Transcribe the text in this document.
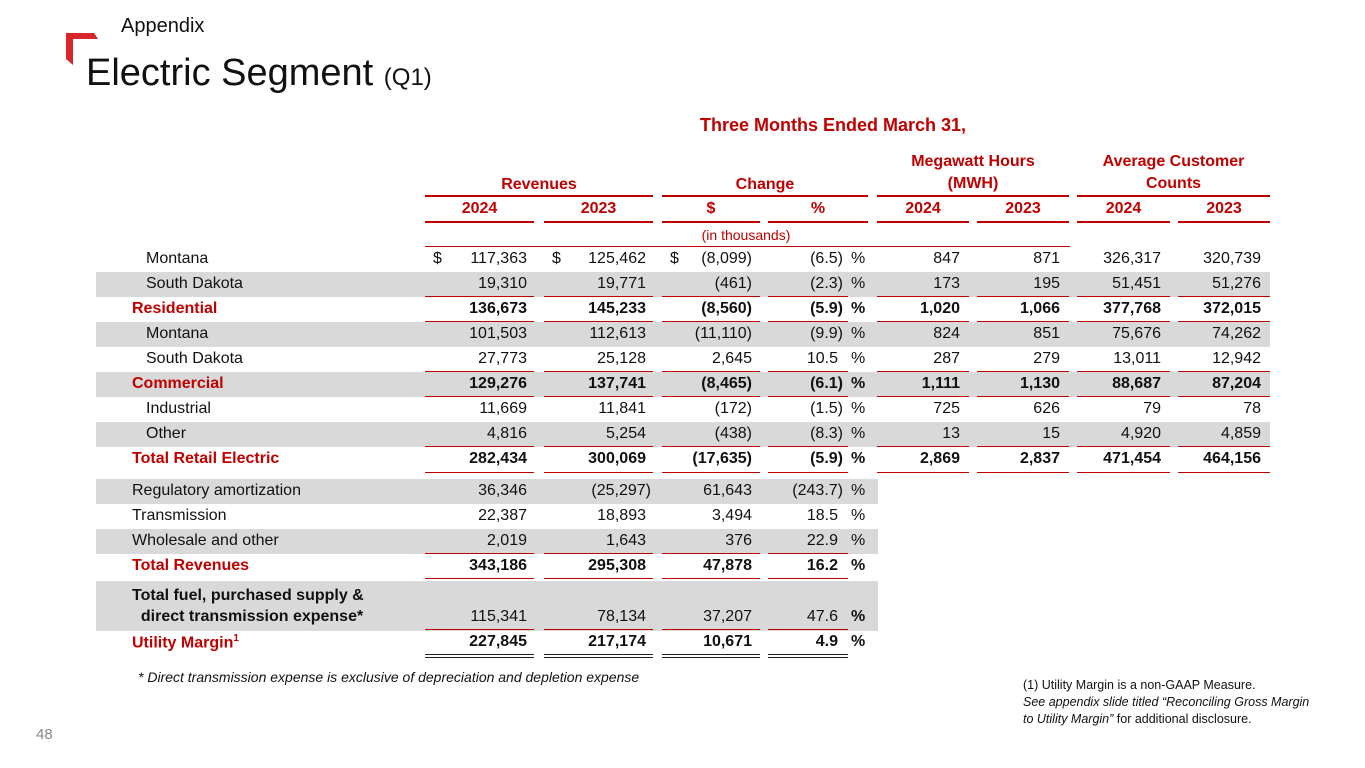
Appendix
Electric Segment (Q1)
Three Months Ended March 31,
Revenues	Change
Megawatt Hours
(MWH)
Average Customer
Counts
2024	2023	$	%	2024	2023	2024	2023
(in thousands)
Montana	$ 117,363 $ 125,462 $ (8,099)	(6.5) %	847	871	326,317	320,739
South Dakota	19,310	19,771	(461)	(2.3) %	173	195	51,451	51,276
Residential	136,673	145,233	(8,560)	(5.9) %	1,020	1,066	377,768	372,015
Montana	101,503	112,613	(11,110)	(9.9) %	824	851	75,676	74,262
South Dakota	27,773	25,128	2,645	10.5 %	287	279	13,011	12,942
Commercial	129,276	137,741	(8,465)	(6.1) %	1,111	1,130	88,687	87,204
Industrial	11,669	11,841	(172)	(1.5) %	725	626	79	78
Other	4,816	5,254	(438)	(8.3) %	13	15	4,920	4,859
Total Retail Electric	282,434	300,069	(17,635)	(5.9) %	2,869	2,837	471,454	464,156
Regulatory amortization	36,346	(25,297)	61,643	(243.7) %
Transmission	22,387	18,893	3,494	18.5 %
Wholesale and other	2,019	1,643	376	22.9 %
Total Revenues	343,186	295,308	47,878	16.2 %
Total fuel, purchased supply &
direct transmission expense*	115,341	78,134	37,207	47.6 %
Utility Margin$^1$	227,845	217,174	10,671	4.9 %
* Direct transmission expense is exclusive of depreciation and depletion expense
48
(1) Utility Margin is a non-GAAP Measure.
See appendix slide titled “Reconciling Gross Margin to Utility Margin” for additional disclosure.
